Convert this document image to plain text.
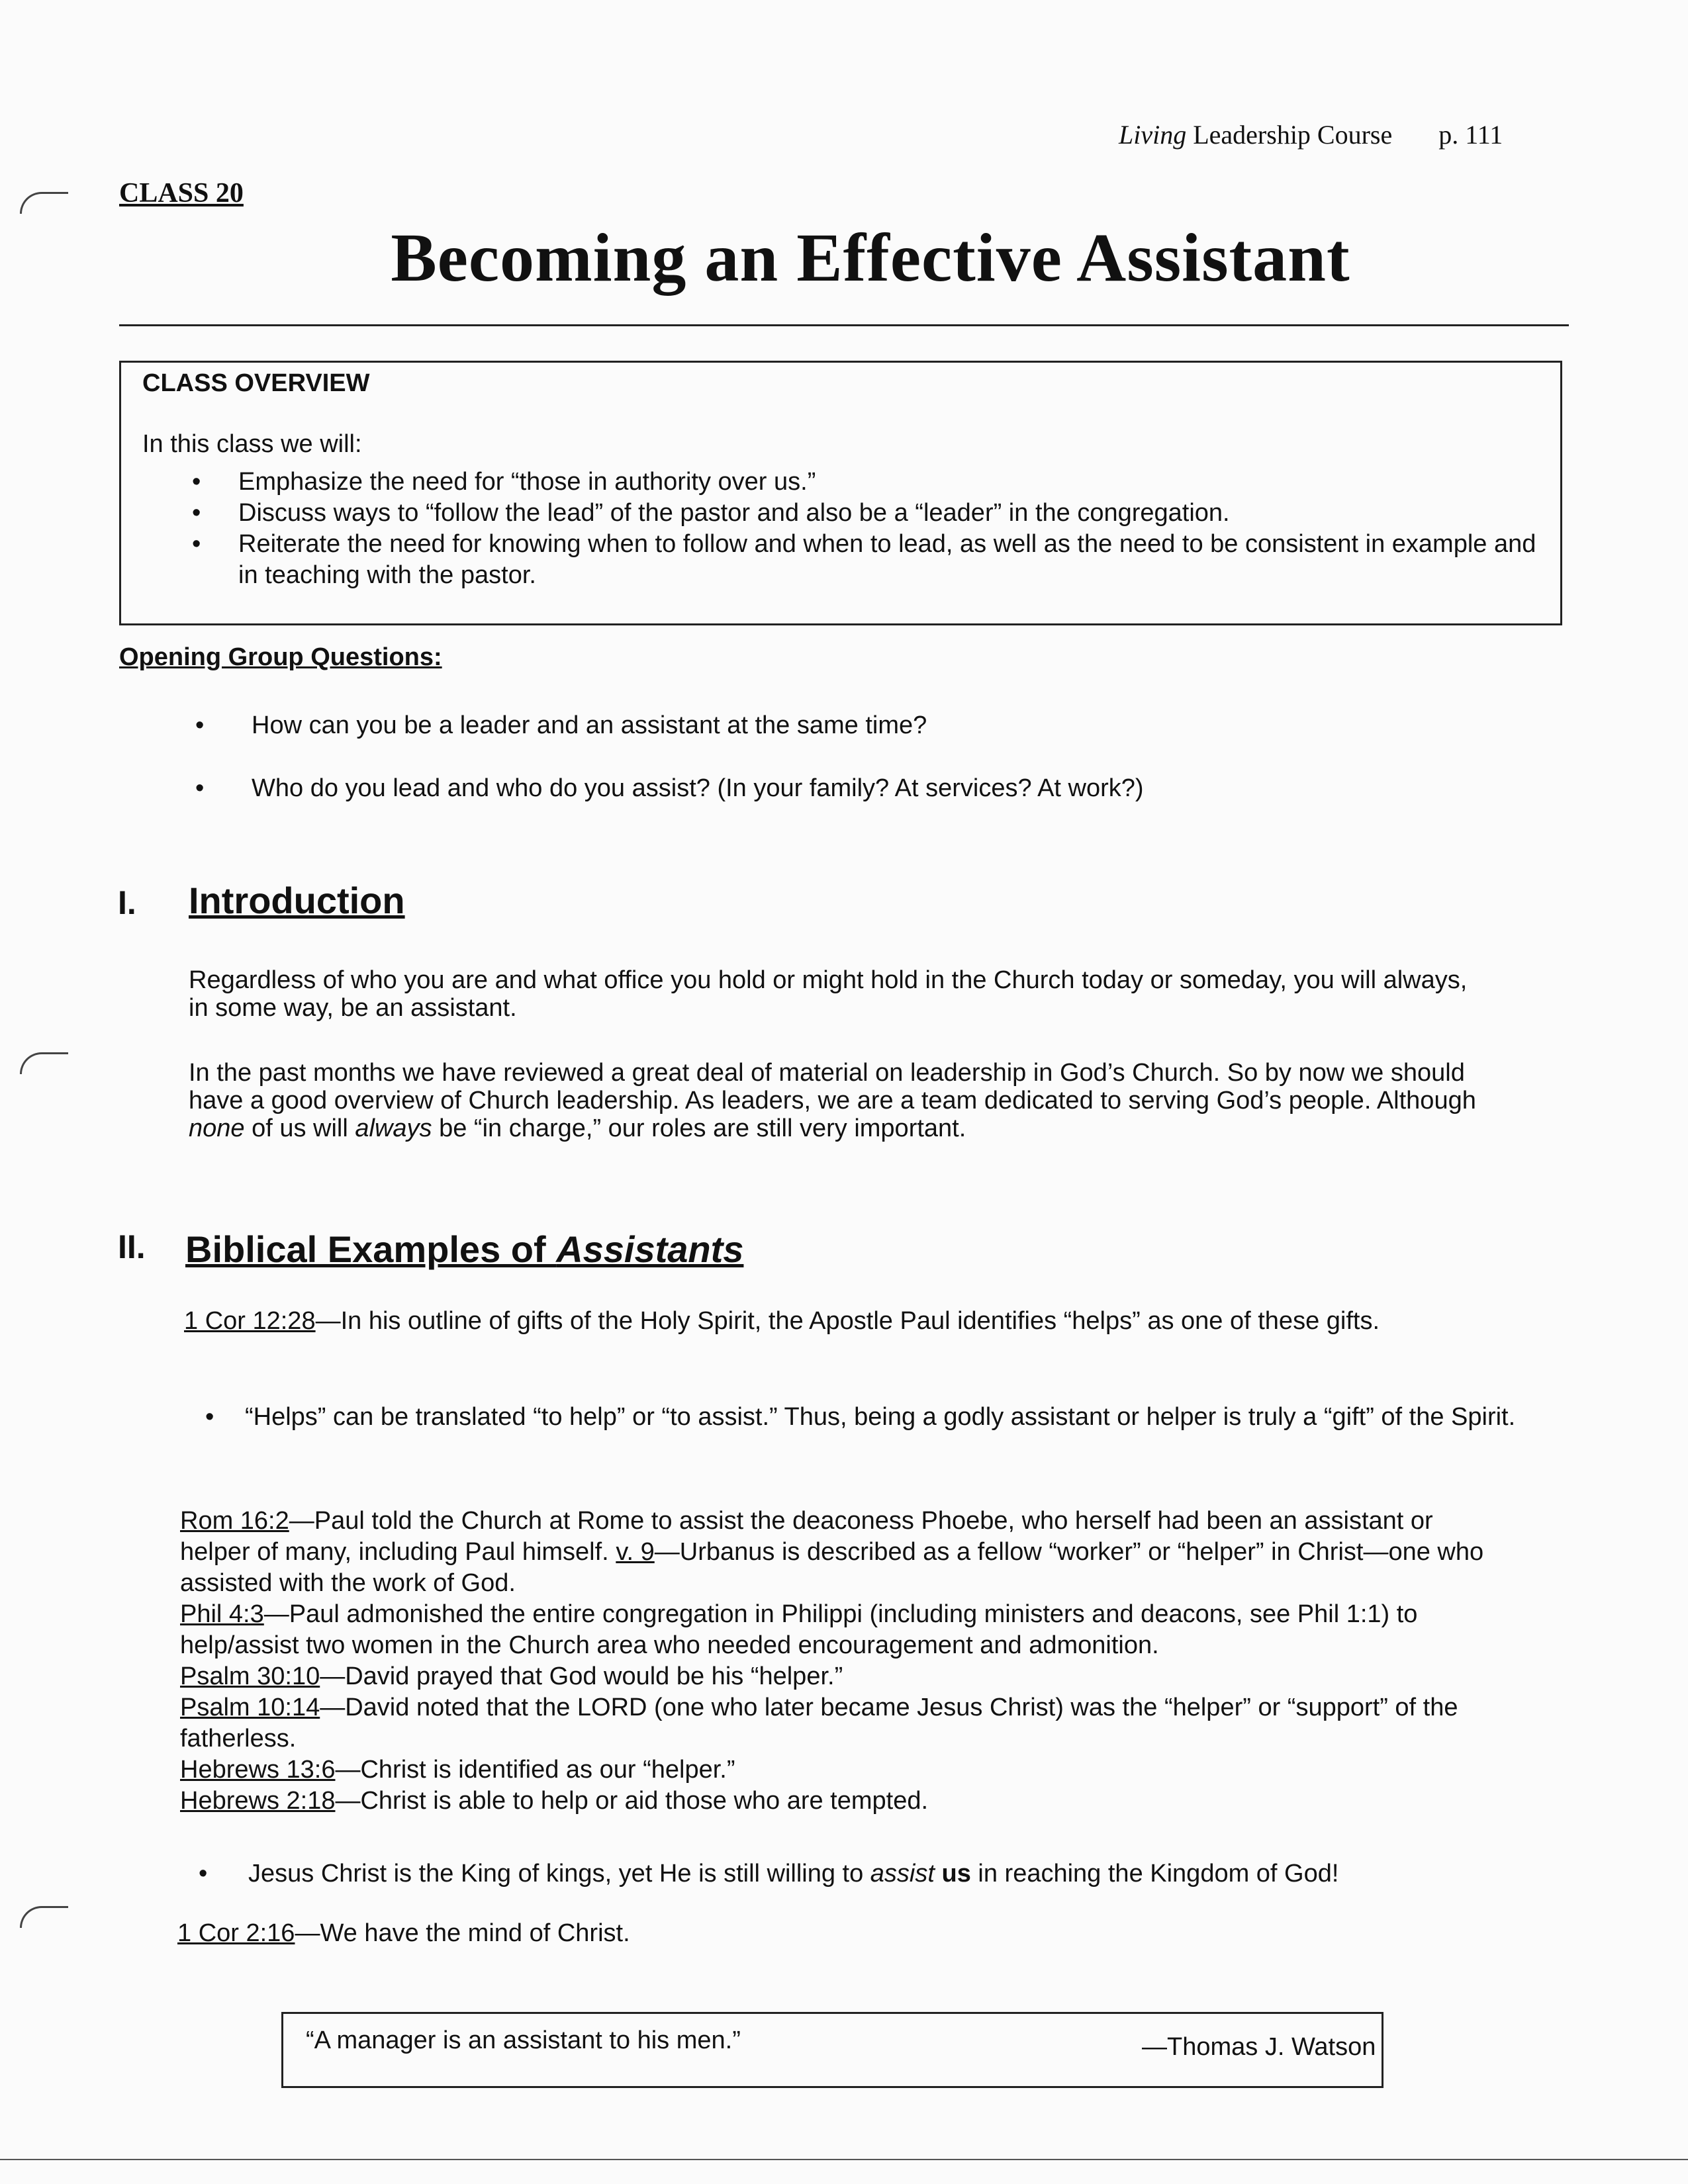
Living Leadership Course p. 111
CLASS 20
Becoming an Effective Assistant
CLASS OVERVIEW
In this class we will:
• Emphasize the need for “those in authority over us.”
• Discuss ways to “follow the lead” of the pastor and also be a “leader” in the congregation.
• Reiterate the need for knowing when to follow and when to lead, as well as the need to be consistent in example and in teaching with the pastor.
Opening Group Questions:
• How can you be a leader and an assistant at the same time?
• Who do you lead and who do you assist? (In your family? At services? At work?)
I. Introduction
Regardless of who you are and what office you hold or might hold in the Church today or someday, you will always, in some way, be an assistant.
In the past months we have reviewed a great deal of material on leadership in God’s Church. So by now we should have a good overview of Church leadership. As leaders, we are a team dedicated to serving God’s people. Although none of us will always be “in charge,” our roles are still very important.
II. Biblical Examples of Assistants
1 Cor 12:28—In his outline of gifts of the Holy Spirit, the Apostle Paul identifies “helps” as one of these gifts.
• “Helps” can be translated “to help” or “to assist.” Thus, being a godly assistant or helper is truly a “gift” of the Spirit.
Rom 16:2—Paul told the Church at Rome to assist the deaconess Phoebe, who herself had been an assistant or helper of many, including Paul himself. v. 9—Urbanus is described as a fellow “worker” or “helper” in Christ—one who assisted with the work of God.
Phil 4:3—Paul admonished the entire congregation in Philippi (including ministers and deacons, see Phil 1:1) to help/assist two women in the Church area who needed encouragement and admonition.
Psalm 30:10—David prayed that God would be his “helper.”
Psalm 10:14—David noted that the LORD (one who later became Jesus Christ) was the “helper” or “support” of the fatherless.
Hebrews 13:6—Christ is identified as our “helper.”
Hebrews 2:18—Christ is able to help or aid those who are tempted.
• Jesus Christ is the King of kings, yet He is still willing to assist us in reaching the Kingdom of God!
1 Cor 2:16—We have the mind of Christ.
“A manager is an assistant to his men.”	—Thomas J. Watson
